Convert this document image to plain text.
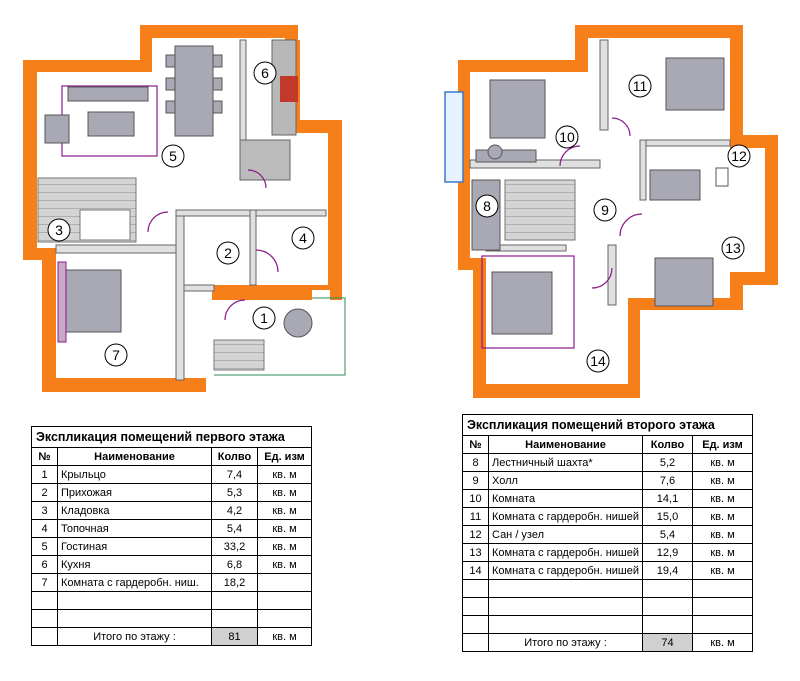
1
2
3	4
5
6
7
8	9
10
11
12
13
14
Экспликация помещений первого этажа			
№	Наименование	Колво	Ед. изм
1	Крыльцо	7,4	кв. м
2	Прихожая	5,3	кв. м
3	Кладовка	4,2	кв. м
4	Топочная	5,4	кв. м
5	Гостиная	33,2	кв. м
6	Кухня	6,8	кв. м
7	Комната с гардеробн. ниш.	18,2	

	Итого по этажу :	81	кв. м
Экспликация помещений второго этажа			
№	Наименование	Колво	Ед. изм
8	Лестничный шахта*	5,2	кв. м
9	Холл	7,6	кв. м
10	Комната	14,1	кв. м
11	Комната с гардеробн. нишей	15,0	кв. м
12	Сан / узел	5,4	кв. м
13	Комната с гардеробн. нишей	12,9	кв. м
14	Комната с гардеробн. нишей	19,4	кв. м

	Итого по этажу :	74	кв. м
